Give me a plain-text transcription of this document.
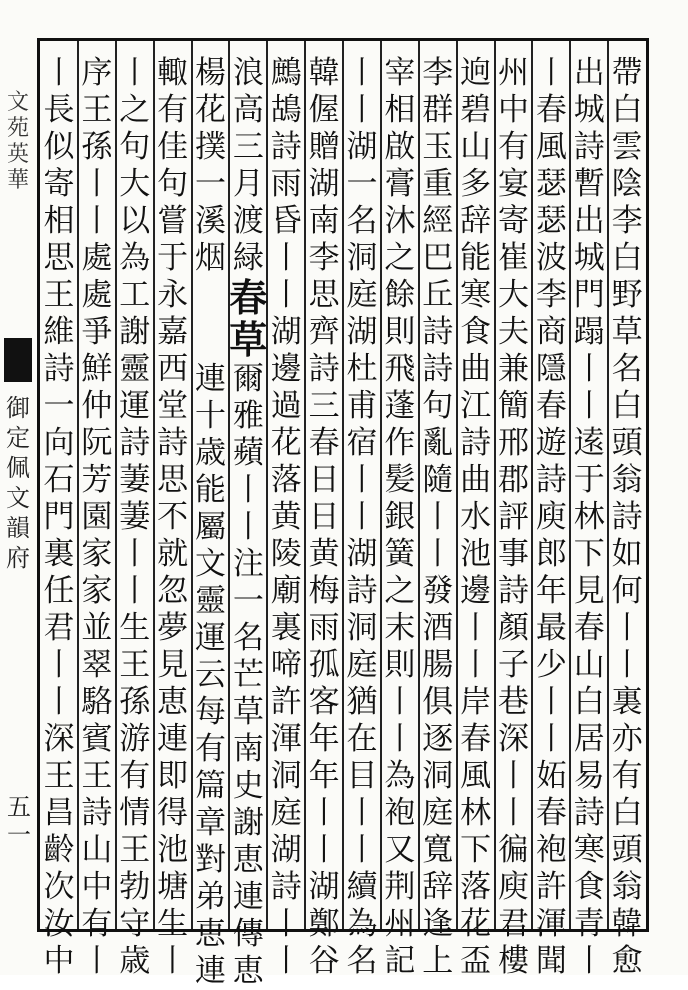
文
苑
英
華
御
定
佩
文
韻
府
五一
帶
白
雲
陰
李
白
野
草
名
白
頭
翁
詩
如
何
丨
丨
裏
亦
有
白
頭
翁
韓
愈
出
城
詩
暫
出
城
門
蹋
丨
丨
逺
于
林
下
見
春
山
白
居
易
詩
寒
食
青
丨
丨
春
風
瑟
瑟
波
李
商
隱
春
遊
詩
庾
郎
年
最
少
丨
丨
妬
春
袍
許
渾
聞
州
中
有
宴
寄
崔
大
夫
兼
簡
邢
郡
評
事
詩
顏
子
巷
深
丨
丨
徧
庾
君
樓
逈
碧
山
多
辞
能
寒
食
曲
江
詩
曲
水
池
邊
丨
丨
岸
春
風
林
下
落
花
盃
李
群
玉
重
經
巴
丘
詩
詩
句
亂
隨
丨
丨
發
酒
腸
俱
逐
洞
庭
寬
辞
逢
上
宰
相
啟
膏
沐
之
餘
則
飛
蓬
作
髪
銀
簧
之
末
則
丨
丨
為
袍
又
荆
州
記
丨
丨
湖
一
名
洞
庭
湖
杜
甫
宿
丨
丨
湖
詩
洞
庭
猶
在
目
丨
丨
續
為
名
韓
偓
贈
湖
南
李
思
齊
詩
三
春
日
日
黄
梅
雨
孤
客
年
年
丨
丨
湖
鄭
谷
鷓
鴣
詩
雨
昏
丨
丨
湖
邊
過
花
落
黄
陵
廟
裏
啼
許
渾
洞
庭
湖
詩
丨
丨
浪
高
三
月
渡
緑
春
草
爾
雅
蘋
丨
丨
注
一
名
芒
草
南
史
謝
恵
連
傳
恵
楊
花
撲
一
溪
烟
連
十
歳
能
屬
文
靈
運
云
每
有
篇
章
對
弟
恵
連
輙
有
佳
句
嘗
于
永
嘉
西
堂
詩
思
不
就
忽
夢
見
恵
連
即
得
池
塘
生
丨
丨
之
句
大
以
為
工
謝
靈
運
詩
萋
萋
丨
丨
生
王
孫
游
有
情
王
勃
守
歳
序
王
孫
丨
丨
處
處
爭
鮮
仲
阮
芳
園
家
家
並
翠
駱
賓
王
詩
山
中
有
丨
丨
長
似
寄
相
思
王
維
詩
一
向
石
門
裏
任
君
丨
丨
深
王
昌
齡
次
汝
中
